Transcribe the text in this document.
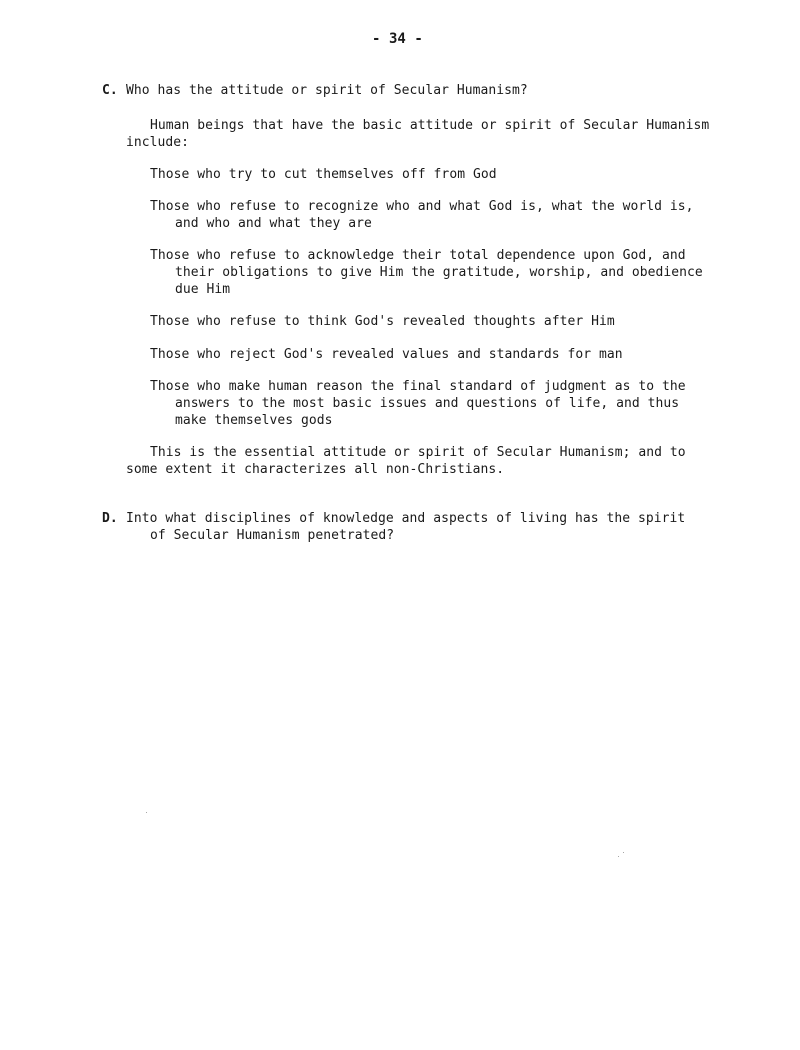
- 34 -
C. Who has the attitude or spirit of Secular Humanism?
Human beings that have the basic attitude or spirit of Secular Humanism
include:
Those who try to cut themselves off from God
Those who refuse to recognize who and what God is, what the world is,
and who and what they are
Those who refuse to acknowledge their total dependence upon God, and
their obligations to give Him the gratitude, worship, and obedience
due Him
Those who refuse to think God's revealed thoughts after Him
Those who reject God's revealed values and standards for man
Those who make human reason the final standard of judgment as to the
answers to the most basic issues and questions of life, and thus
make themselves gods
This is the essential attitude or spirit of Secular Humanism; and to
some extent it characterizes all non-Christians.
D. Into what disciplines of knowledge and aspects of living has the spirit
of Secular Humanism penetrated?
